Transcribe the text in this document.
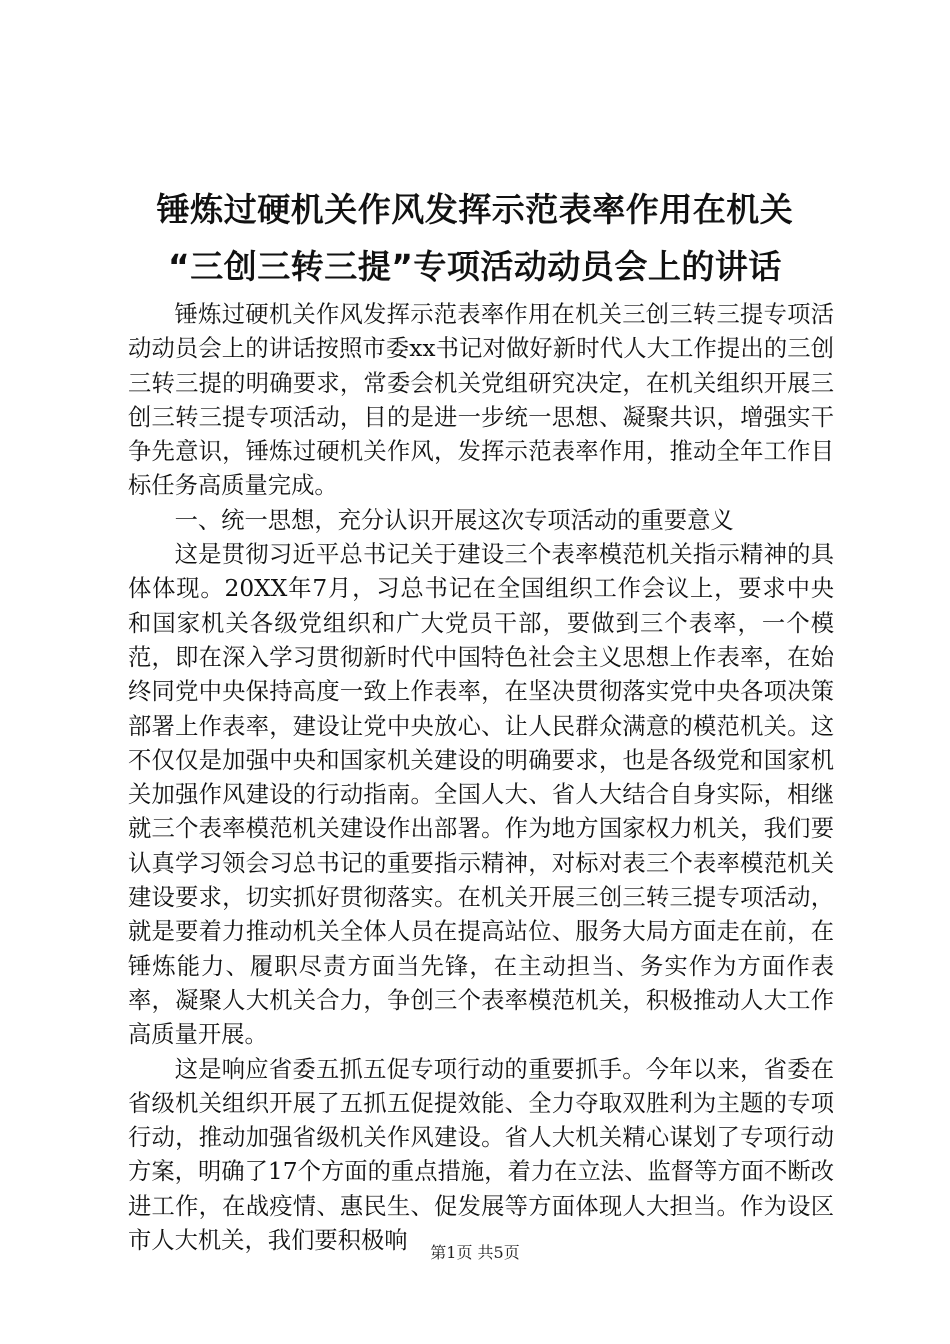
锤炼过硬机关作风发挥示范表率作用在机关
“三创三转三提”专项活动动员会上的讲话

锤炼过硬机关作风发挥示范表率作用在机关三创三转三提专项活动动员会上的讲话按照市委xx书记对做好新时代人大工作提出的三创三转三提的明确要求，常委会机关党组研究决定，在机关组织开展三创三转三提专项活动，目的是进一步统一思想、凝聚共识，增强实干争先意识，锤炼过硬机关作风，发挥示范表率作用，推动全年工作目标任务高质量完成。

一、统一思想，充分认识开展这次专项活动的重要意义

这是贯彻习近平总书记关于建设三个表率模范机关指示精神的具体体现。20XX年7月，习总书记在全国组织工作会议上，要求中央和国家机关各级党组织和广大党员干部，要做到三个表率，一个模范，即在深入学习贯彻新时代中国特色社会主义思想上作表率，在始终同党中央保持高度一致上作表率，在坚决贯彻落实党中央各项决策部署上作表率，建设让党中央放心、让人民群众满意的模范机关。这不仅仅是加强中央和国家机关建设的明确要求，也是各级党和国家机关加强作风建设的行动指南。全国人大、省人大结合自身实际，相继就三个表率模范机关建设作出部署。作为地方国家权力机关，我们要认真学习领会习总书记的重要指示精神，对标对表三个表率模范机关建设要求，切实抓好贯彻落实。在机关开展三创三转三提专项活动，就是要着力推动机关全体人员在提高站位、服务大局方面走在前，在锤炼能力、履职尽责方面当先锋，在主动担当、务实作为方面作表率，凝聚人大机关合力，争创三个表率模范机关，积极推动人大工作高质量开展。

这是响应省委五抓五促专项行动的重要抓手。今年以来，省委在省级机关组织开展了五抓五促提效能、全力夺取双胜利为主题的专项行动，推动加强省级机关作风建设。省人大机关精心谋划了专项行动方案，明确了17个方面的重点措施，着力在立法、监督等方面不断改进工作，在战疫情、惠民生、促发展等方面体现人大担当。作为设区市人大机关，我们要积极响	第1页 共5页
